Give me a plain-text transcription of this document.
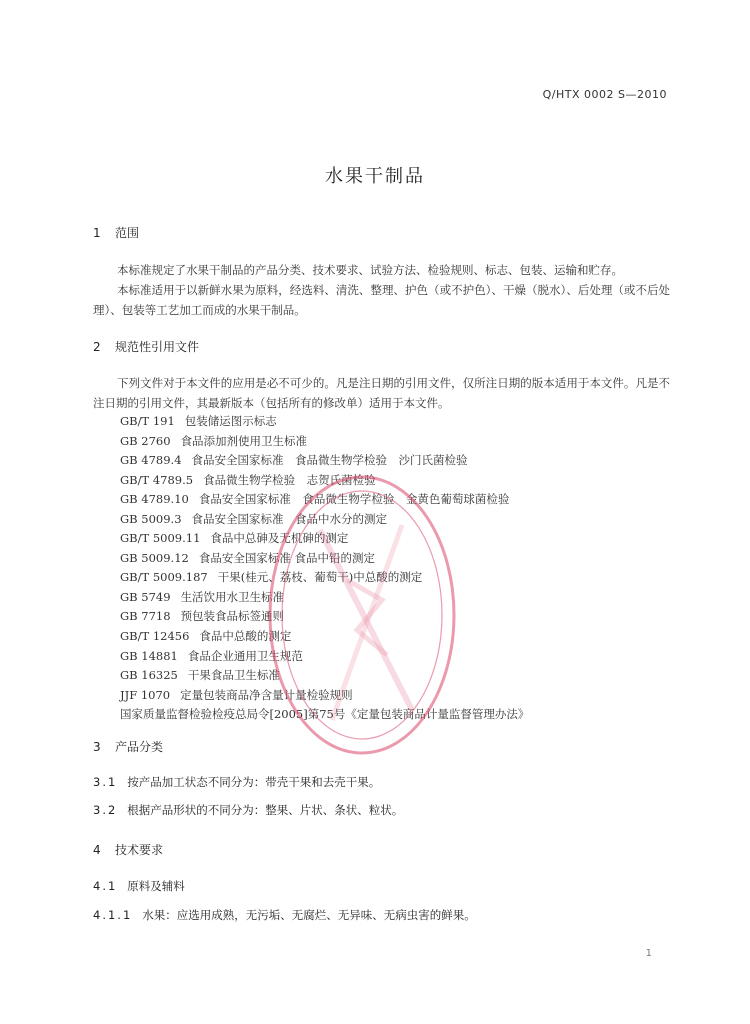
Q/HTX 0002 S—2010
水果干制品
1 范围

本标准规定了水果干制品的产品分类、技术要求、试验方法、检验规则、标志、包装、运输和贮存。

本标准适用于以新鲜水果为原料，经选料、清洗、整理、护色（或不护色）、干燥（脱水）、后处理（或不后处理）、包装等工艺加工而成的水果干制品。

2 规范性引用文件

下列文件对于本文件的应用是必不可少的。凡是注日期的引用文件，仅所注日期的版本适用于本文件。凡是不注日期的引用文件，其最新版本（包括所有的修改单）适用于本文件。

GB/T 191 包装储运图示标志
GB 2760 食品添加剂使用卫生标准
GB 4789.4 食品安全国家标准　食品微生物学检验　沙门氏菌检验
GB/T 4789.5 食品微生物学检验　志贺氏菌检验
GB 4789.10 食品安全国家标准　食品微生物学检验　金黄色葡萄球菌检验
GB 5009.3 食品安全国家标准　食品中水分的测定
GB/T 5009.11 食品中总砷及无机砷的测定
GB 5009.12 食品安全国家标准 食品中铅的测定
GB/T 5009.187 干果(桂元、荔枝、葡萄干)中总酸的测定
GB 5749 生活饮用水卫生标准
GB 7718 预包装食品标签通则
GB/T 12456 食品中总酸的测定
GB 14881 食品企业通用卫生规范
GB 16325 干果食品卫生标准
JJF 1070 定量包装商品净含量计量检验规则
国家质量监督检验检疫总局令[2005]第75号《定量包装商品计量监督管理办法》
3 产品分类
3.1 按产品加工状态不同分为：带壳干果和去壳干果。
3.2 根据产品形状的不同分为：整果、片状、条状、粒状。
4 技术要求
4.1 原料及辅料
4.1.1 水果：应选用成熟，无污垢、无腐烂、无异味、无病虫害的鲜果。
1
